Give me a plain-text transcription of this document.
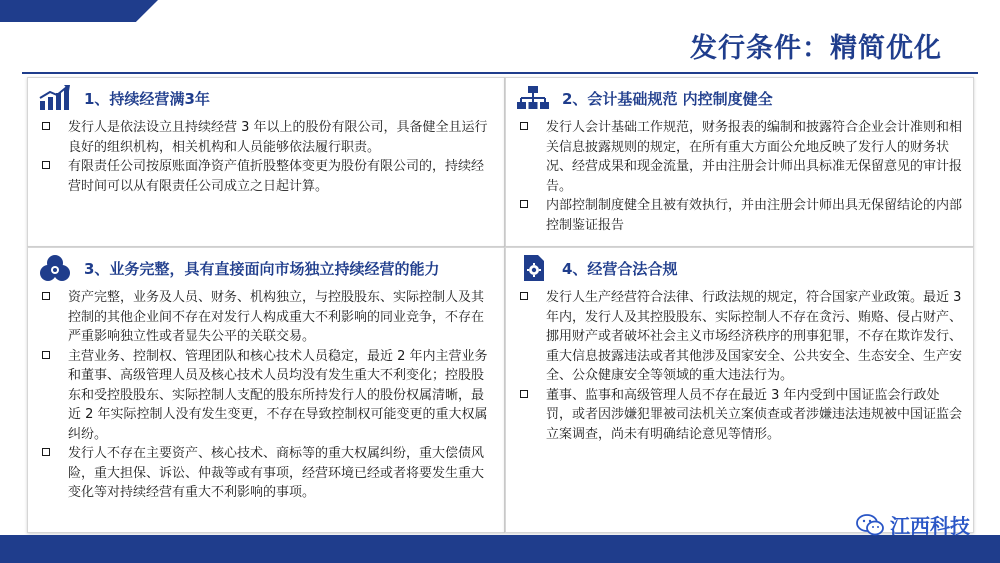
发行条件：精简优化
1、持续经营满3年
发行人是依法设立且持续经营 3 年以上的股份有限公司，具备健全且运行良好的组织机构，相关机构和人员能够依法履行职责。
有限责任公司按原账面净资产值折股整体变更为股份有限公司的，持续经营时间可以从有限责任公司成立之日起计算。
2、会计基础规范 内控制度健全
发行人会计基础工作规范，财务报表的编制和披露符合企业会计准则和相关信息披露规则的规定，在所有重大方面公允地反映了发行人的财务状况、经营成果和现金流量，并由注册会计师出具标准无保留意见的审计报告。
内部控制制度健全且被有效执行，并由注册会计师出具无保留结论的内部控制鉴证报告
3、业务完整，具有直接面向市场独立持续经营的能力
资产完整，业务及人员、财务、机构独立，与控股股东、实际控制人及其控制的其他企业间不存在对发行人构成重大不利影响的同业竞争，不存在严重影响独立性或者显失公平的关联交易。
主营业务、控制权、管理团队和核心技术人员稳定，最近 2 年内主营业务和董事、高级管理人员及核心技术人员均没有发生重大不利变化；控股股东和受控股股东、实际控制人支配的股东所持发行人的股份权属清晰，最近 2 年实际控制人没有发生变更，不存在导致控制权可能变更的重大权属纠纷。
发行人不存在主要资产、核心技术、商标等的重大权属纠纷，重大偿债风险，重大担保、诉讼、仲裁等或有事项，经营环境已经或者将要发生重大变化等对持续经营有重大不利影响的事项。
4、经营合法合规
发行人生产经营符合法律、行政法规的规定，符合国家产业政策。最近 3 年内，发行人及其控股股东、实际控制人不存在贪污、贿赂、侵占财产、挪用财产或者破坏社会主义市场经济秩序的刑事犯罪，不存在欺诈发行、重大信息披露违法或者其他涉及国家安全、公共安全、生态安全、生产安全、公众健康安全等领域的重大违法行为。
董事、监事和高级管理人员不存在最近 3 年内受到中国证监会行政处罚，或者因涉嫌犯罪被司法机关立案侦查或者涉嫌违法违规被中国证监会立案调查，尚未有明确结论意见等情形。
江西科技
